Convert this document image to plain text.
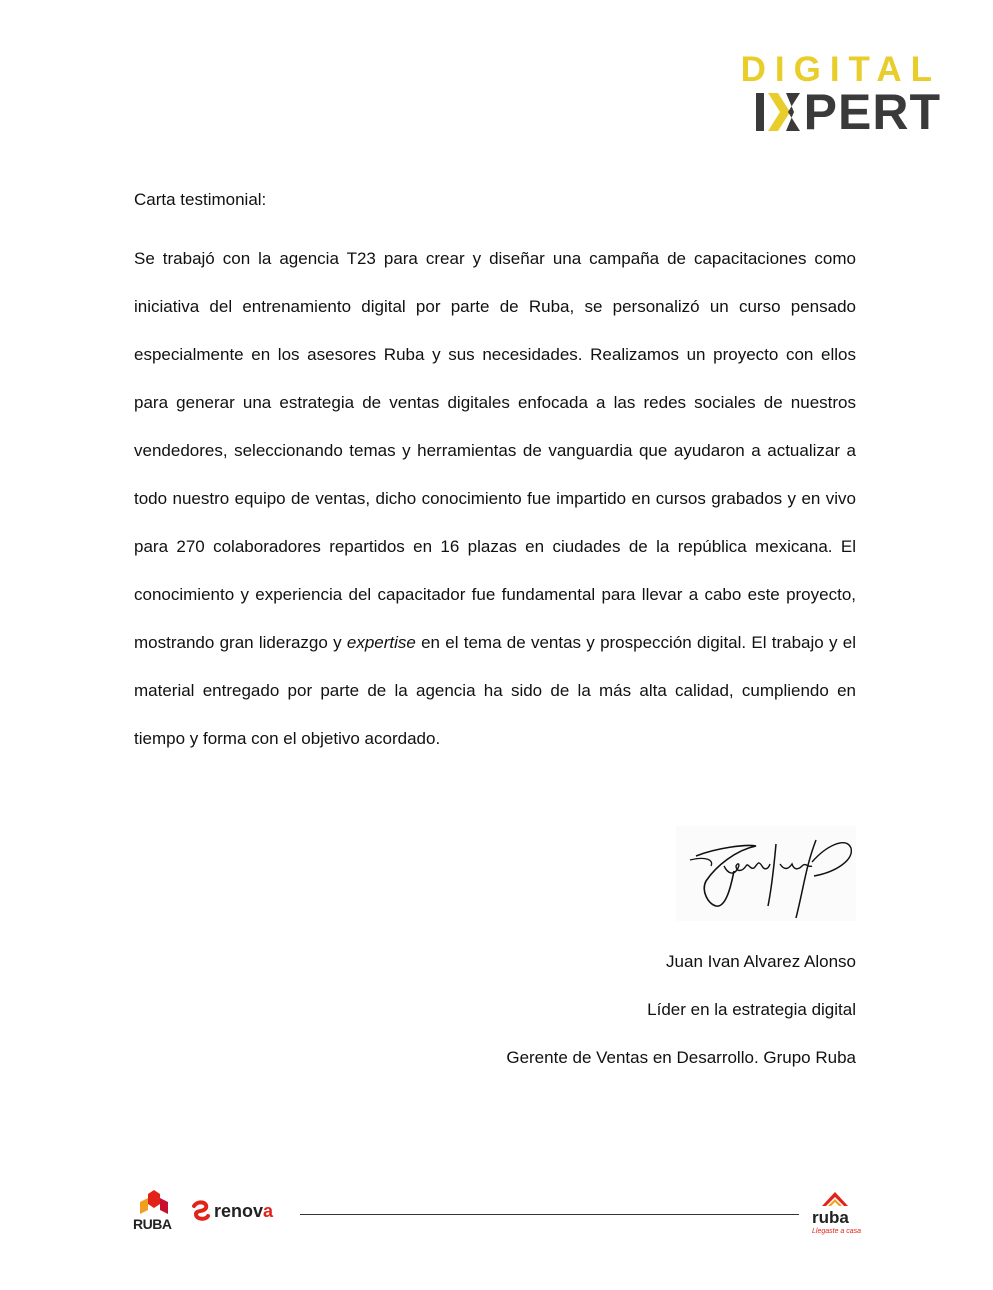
DIGITAL
PERT
Carta testimonial:
Se trabajó con la agencia T23 para crear y diseñar una campaña de capacitaciones como iniciativa del entrenamiento digital por parte de Ruba, se personalizó un curso pensado especialmente en los asesores Ruba y sus necesidades. Realizamos un proyecto con ellos para generar una estrategia de ventas digitales enfocada a las redes sociales de nuestros vendedores, seleccionando temas y herramientas de vanguardia que ayudaron a actualizar a todo nuestro equipo de ventas, dicho conocimiento fue impartido en cursos grabados y en vivo para 270 colaboradores repartidos en 16 plazas en ciudades de la república mexicana. El conocimiento y experiencia del capacitador fue fundamental para llevar a cabo este proyecto, mostrando gran liderazgo y expertise en el tema de ventas y prospección digital. El trabajo y el material entregado por parte de la agencia ha sido de la más alta calidad, cumpliendo en tiempo y forma con el objetivo acordado.
Juan Ivan Alvarez Alonso
Líder en la estrategia digital
Gerente de Ventas en Desarrollo. Grupo Ruba
RUBA
renova	ruba
Llegaste a casa
